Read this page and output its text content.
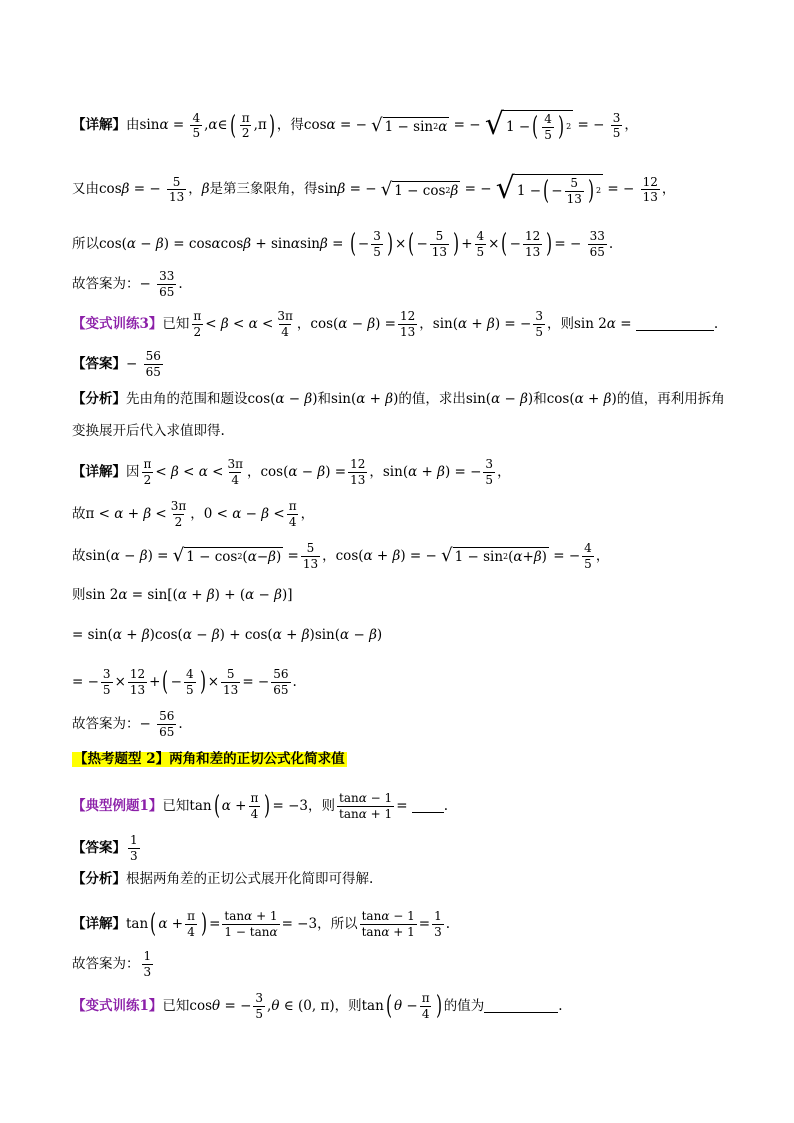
【详解】 由 $\sin\alpha = \frac{4}{5}$ ,α∈ ( $\frac{\pi}{2} ,\pi$ ) ，得 cosα = − √ 1 − sin 2 α = − √ 1 − ( $\frac{4}{5}$ ) 2 = − $\frac{3}{5}$ ，
又由 cosβ = − $\frac{5}{13}$ ，β 是第三象限角，得 sinβ = − √ 1 − cos 2 β = − √ 1 − ( − $\frac{5}{13}$ ) 2 = − $\frac{12}{13}$ ，
所以 cos(α − β) = cosαcosβ + sinαsinβ = ( − $\frac{3}{5}$ ) × ( − $\frac{5}{13}$ ) + $\frac{4}{5}$ × ( − $\frac{12}{13}$ ) = − $\frac{33}{65}$ .
故答案为： − $\frac{33}{65}$ .
【变式训练3】 已知 $\frac{\pi}{2} < \beta < \alpha < \frac{3\pi}{4}$ ，$\cos(\alpha - \beta) = \frac{12}{13}$ ，sin(α + β) = − $\frac{3}{5}$ ，则 sin 2α =	.
【答案】 − $\frac{56}{65}$
【分析】 先由角的范围和题设 cos(α − β) 和 sin(α + β) 的值，求出 sin(α − β) 和 cos(α + β) 的值，再利用拆角
变换展开后代入求值即得.
【详解】 因 $\frac{\pi}{2} < \beta < \alpha < \frac{3\pi}{4}$ ，$\cos(\alpha - \beta) = \frac{12}{13}$ ，sin(α + β) = − $\frac{3}{5}$ ，
故 $\pi < \alpha + \beta < \frac{3\pi}{2}$ ，$0 < \alpha - \beta < \frac{\pi}{4}$ ，
故 sin(α − β) = √ 1 − cos 2 ( α − β ) = $\frac{5}{13}$ ，cos(α + β) = − √ 1 − sin 2 ( α + β ) = − $\frac{4}{5}$ ，
则 sin 2α = sin[(α + β) + (α − β)]
= sin(α + β)cos(α − β) + cos(α + β)sin(α − β)
= − $\frac{3}{5} \times \frac{12}{13}$ + ( − $\frac{4}{5}$ ) × $\frac{5}{13}$ = − $\frac{56}{65}$ .
故答案为： − $\frac{56}{65}$ .
【热考题型 2】两角和差的正切公式化简求值
【典型例题1】 已知 tan ( $\alpha + \frac{\pi}{4}$ ) = −3 ，则 $\frac{\tan\alpha - 1}{\tan\alpha + 1}$ = .
【答案】 $\frac{1}{3}$
【分析】 根据两角差的正切公式展开化简即可得解.
【详解】 tan ( $\alpha + \frac{\pi}{4}$ ) = $\frac{\tan\alpha + 1}{1 - \tan\alpha} = -3$ ，所以 $\frac{\tan\alpha - 1}{\tan\alpha + 1} = \frac{1}{3}$ .
故答案为： $\frac{1}{3}$
【变式训练1】 已知 cosθ = − $\frac{3}{5} ,\theta$ ∈ (0, π) ，则 tan ( $\theta - \frac{\pi}{4}$ ) 的值为	.
